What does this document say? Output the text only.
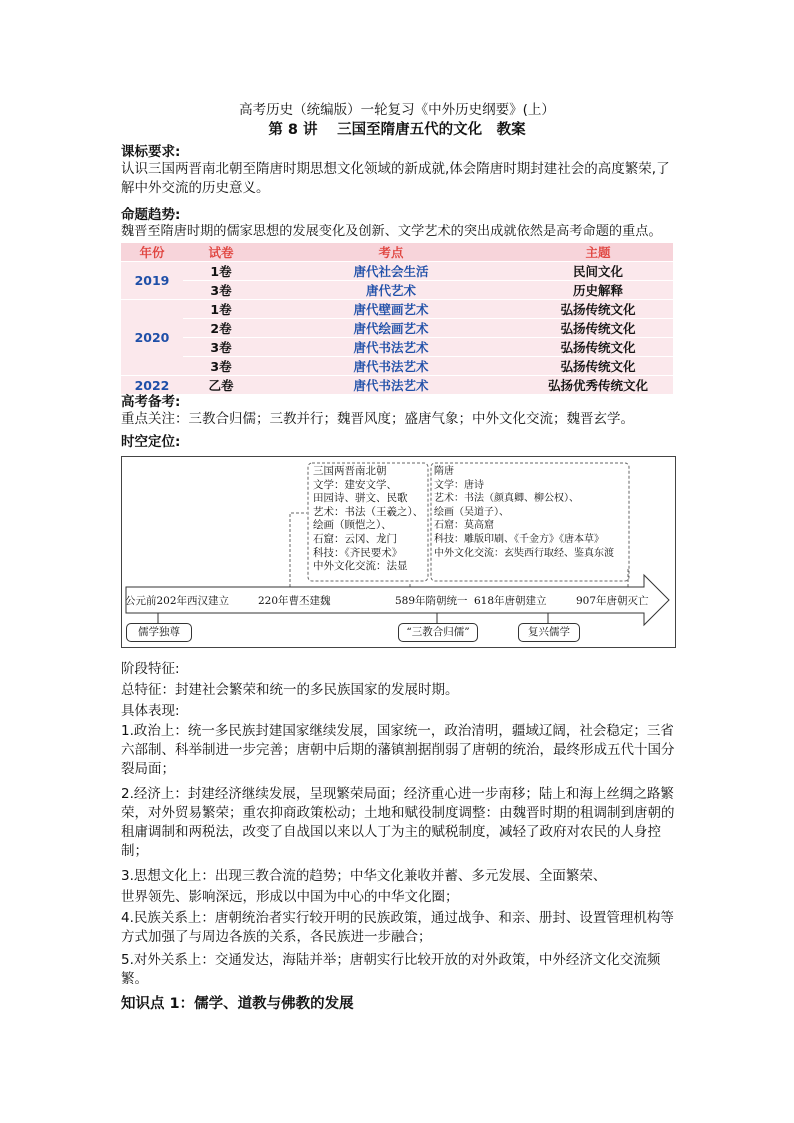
高考历史（统编版）一轮复习《中外历史纲要》(上）
第 8 讲　 三国至隋唐五代的文化　教案
课标要求:
认识三国两晋南北朝至隋唐时期思想文化领域的新成就,体会隋唐时期封建社会的高度繁荣,了解中外交流的历史意义。
命题趋势:
魏晋至隋唐时期的儒家思想的发展变化及创新、文学艺术的突出成就依然是高考命题的重点。
年份	试卷	考点	主题
2019	1卷	唐代社会生活	民间文化
	3卷	唐代艺术	历史解释
2020	1卷	唐代壁画艺术	弘扬传统文化
	2卷	唐代绘画艺术	弘扬传统文化
	3卷	唐代书法艺术	弘扬传统文化
	3卷	唐代书法艺术	弘扬传统文化
2022	乙卷	唐代书法艺术	弘扬优秀传统文化
高考备考:
重点关注：三教合归儒；三教并行；魏晋风度；盛唐气象；中外文化交流；魏晋玄学。
时空定位:
三国两晋南北朝
文学：建安文学、
田园诗、骈文、民歌
艺术：书法（王羲之）、
绘画（顾恺之）、
石窟：云冈、龙门
科技：《齐民要术》
中外文化交流：法显
隋唐
文学：唐诗
艺术：书法（颜真卿、柳公权）、
绘画（吴道子）、
石窟：莫高窟
科技：雕版印刷、《千金方》《唐本草》
中外文化交流：玄奘西行取经、鉴真东渡
公元前202年西汉建立	220年曹丕建魏	589年隋朝统一 618年唐朝建立	907年唐朝灭亡
儒学独尊	“三教合归儒”	复兴儒学
阶段特征:
总特征：封建社会繁荣和统一的多民族国家的发展时期。
具体表现:
1.政治上：统一多民族封建国家继续发展，国家统一，政治清明，疆域辽阔，社会稳定；三省六部制、科举制进一步完善；唐朝中后期的藩镇割据削弱了唐朝的统治，最终形成五代十国分裂局面；
2.经济上：封建经济继续发展，呈现繁荣局面；经济重心进一步南移；陆上和海上丝绸之路繁荣，对外贸易繁荣；重农抑商政策松动；土地和赋役制度调整：由魏晋时期的租调制到唐朝的租庸调制和两税法，改变了自战国以来以人丁为主的赋税制度，减轻了政府对农民的人身控制；
3.思想文化上：出现三教合流的趋势；中华文化兼收并蓄、多元发展、全面繁荣、
世界领先、影响深远，形成以中国为中心的中华文化圈；
4.民族关系上：唐朝统治者实行较开明的民族政策，通过战争、和亲、册封、设置管理机构等方式加强了与周边各族的关系，各民族进一步融合；
5.对外关系上：交通发达，海陆并举；唐朝实行比较开放的对外政策，中外经济文化交流频繁。
知识点 1：儒学、道教与佛教的发展
